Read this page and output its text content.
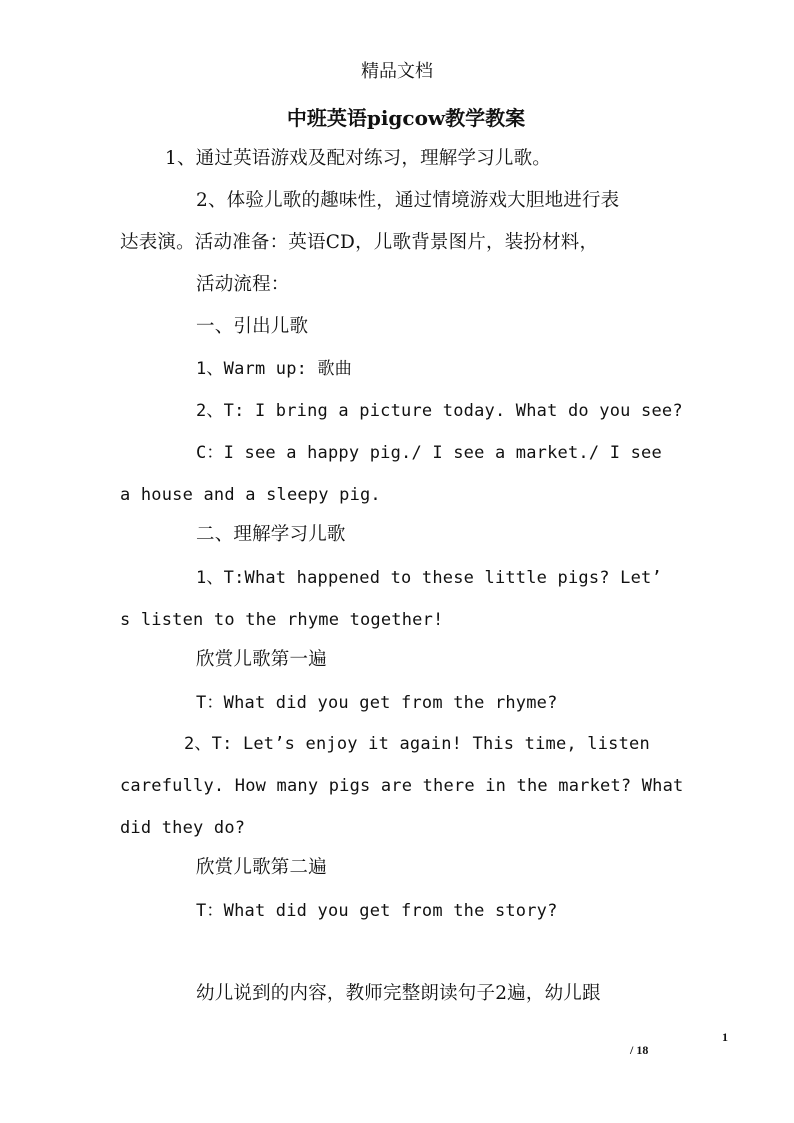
精品文档
中班英语pigcow教学教案
1、通过英语游戏及配对练习，理解学习儿歌。
2、体验儿歌的趣味性，通过情境游戏大胆地进行表
达表演。活动准备：英语CD，儿歌背景图片，装扮材料，
活动流程：
一、引出儿歌
1、Warm up: 歌曲
2、T: I bring a picture today. What do you see?
C：I see a happy pig./ I see a market./ I see
a house and a sleepy pig.
二、理解学习儿歌
1、T:What happened to these little pigs? Let’
s listen to the rhyme together!
欣赏儿歌第一遍
T：What did you get from the rhyme?
2、T: Let’s enjoy it again! This time, listen
carefully. How many pigs are there in the market? What
did they do?
欣赏儿歌第二遍
T：What did you get from the story?
幼儿说到的内容，教师完整朗读句子2遍，幼儿跟
1
/ 18
